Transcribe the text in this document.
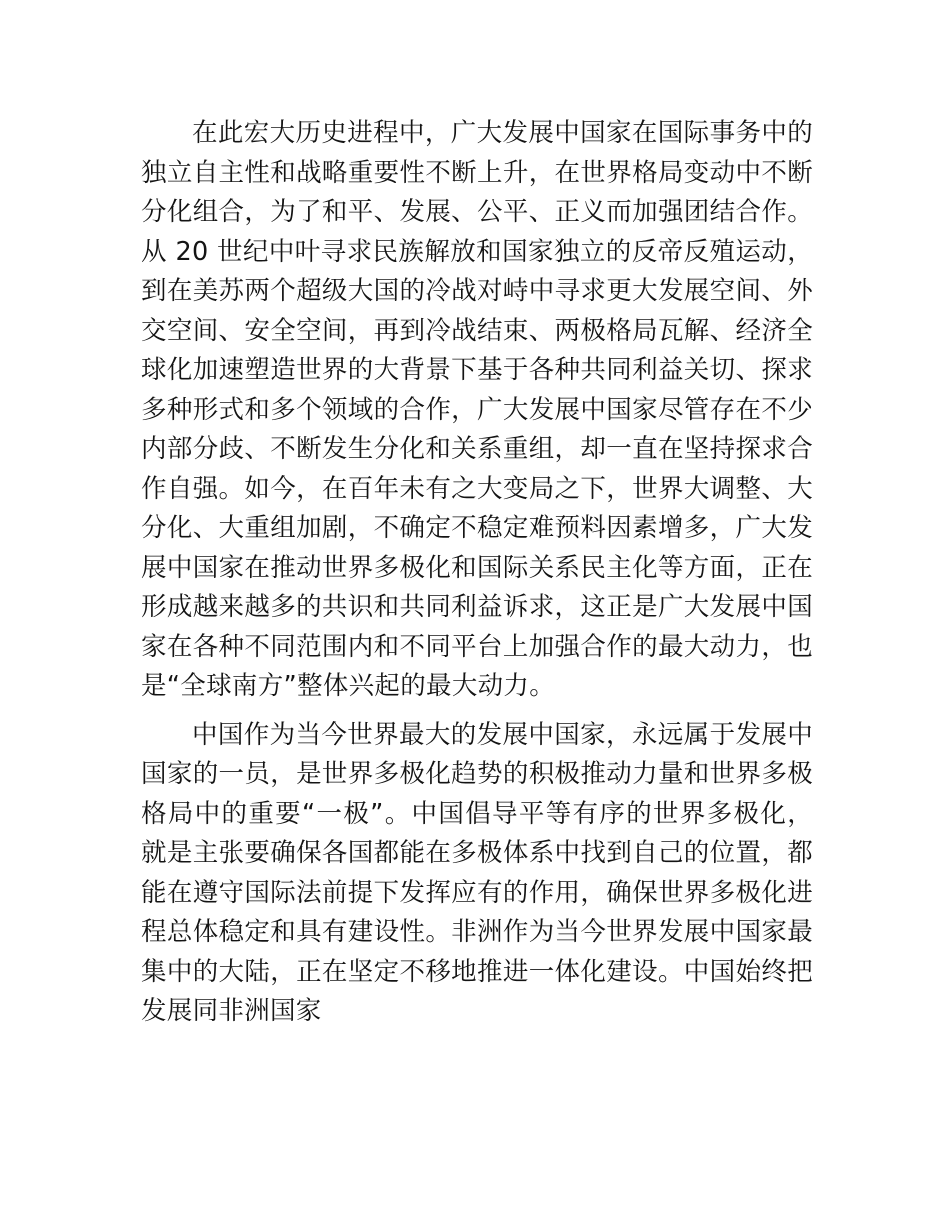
在此宏大历史进程中，广大发展中国家在国际事务中的独立自主性和战略重要性不断上升，在世界格局变动中不断分化组合，为了和平、发展、公平、正义而加强团结合作。从 20 世纪中叶寻求民族解放和国家独立的反帝反殖运动，到在美苏两个超级大国的冷战对峙中寻求更大发展空间、外交空间、安全空间，再到冷战结束、两极格局瓦解、经济全球化加速塑造世界的大背景下基于各种共同利益关切、探求多种形式和多个领域的合作，广大发展中国家尽管存在不少内部分歧、不断发生分化和关系重组，却一直在坚持探求合作自强。如今，在百年未有之大变局之下，世界大调整、大分化、大重组加剧，不确定不稳定难预料因素增多，广大发展中国家在推动世界多极化和国际关系民主化等方面，正在形成越来越多的共识和共同利益诉求，这正是广大发展中国家在各种不同范围内和不同平台上加强合作的最大动力，也是“全球南方”整体兴起的最大动力。

中国作为当今世界最大的发展中国家，永远属于发展中国家的一员，是世界多极化趋势的积极推动力量和世界多极格局中的重要“一极”。中国倡导平等有序的世界多极化，就是主张要确保各国都能在多极体系中找到自己的位置，都能在遵守国际法前提下发挥应有的作用，确保世界多极化进程总体稳定和具有建设性。非洲作为当今世界发展中国家最集中的大陆，正在坚定不移地推进一体化建设。中国始终把发展同非洲国家
